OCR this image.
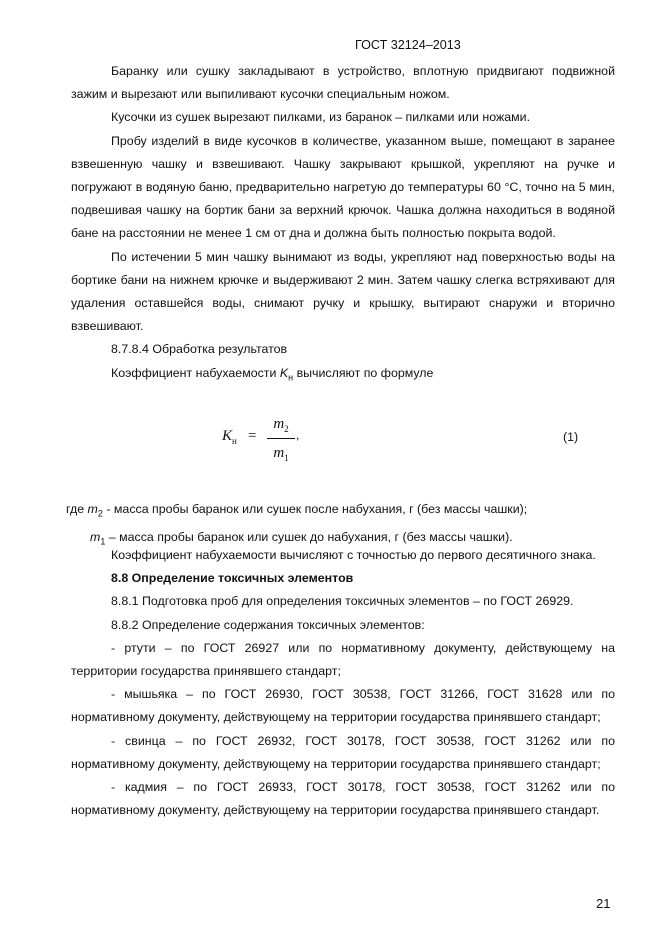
ГОСТ 32124–2013

Баранку или сушку закладывают в устройство, вплотную придвигают подвижной зажим и вырезают или выпиливают кусочки специальным ножом.

Кусочки из сушек вырезают пилками, из баранок – пилками или ножами.

Пробу изделий в виде кусочков в количестве, указанном выше, помещают в заранее взвешенную чашку и взвешивают. Чашку закрывают крышкой, укрепляют на ручке и погружают в водяную баню, предварительно нагретую до температуры 60 °С, точно на 5 мин, подвешивая чашку на бортик бани за верхний крючок. Чашка должна находиться в водяной бане на расстоянии не менее 1 см от дна и должна быть полностью покрыта водой.

По истечении 5 мин чашку вынимают из воды, укрепляют над поверхностью воды на бортике бани на нижнем крючке и выдерживают 2 мин. Затем чашку слегка встряхивают для удаления оставшейся воды, снимают ручку и крышку, вытирают снаружи и вторично взвешивают.

8.7.8.4 Обработка результатов

Коэффициент набухаемости $K_н$ вычисляют по формуле

$K_н$ =
$m_2$
$m_1$
,	(1)

где $m_2$ - масса пробы баранок или сушек после набухания, г (без массы чашки);

$m_1$ – масса пробы баранок или сушек до набухания, г (без массы чашки).

Коэффициент набухаемости вычисляют с точностью до первого десятичного знака.

8.8 Определение токсичных элементов

8.8.1 Подготовка проб для определения токсичных элементов – по ГОСТ 26929.

8.8.2 Определение содержания токсичных элементов:

- ртути – по ГОСТ 26927 или по нормативному документу, действующему на территории государства принявшего стандарт;

- мышьяка – по ГОСТ 26930, ГОСТ 30538, ГОСТ 31266, ГОСТ 31628 или по нормативному документу, действующему на территории государства принявшего стандарт;

- свинца – по ГОСТ 26932, ГОСТ 30178, ГОСТ 30538, ГОСТ 31262 или по нормативному документу, действующему на территории государства принявшего стандарт;

- кадмия – по ГОСТ 26933, ГОСТ 30178, ГОСТ 30538, ГОСТ 31262 или по нормативному документу, действующему на территории государства принявшего стандарт.

21
